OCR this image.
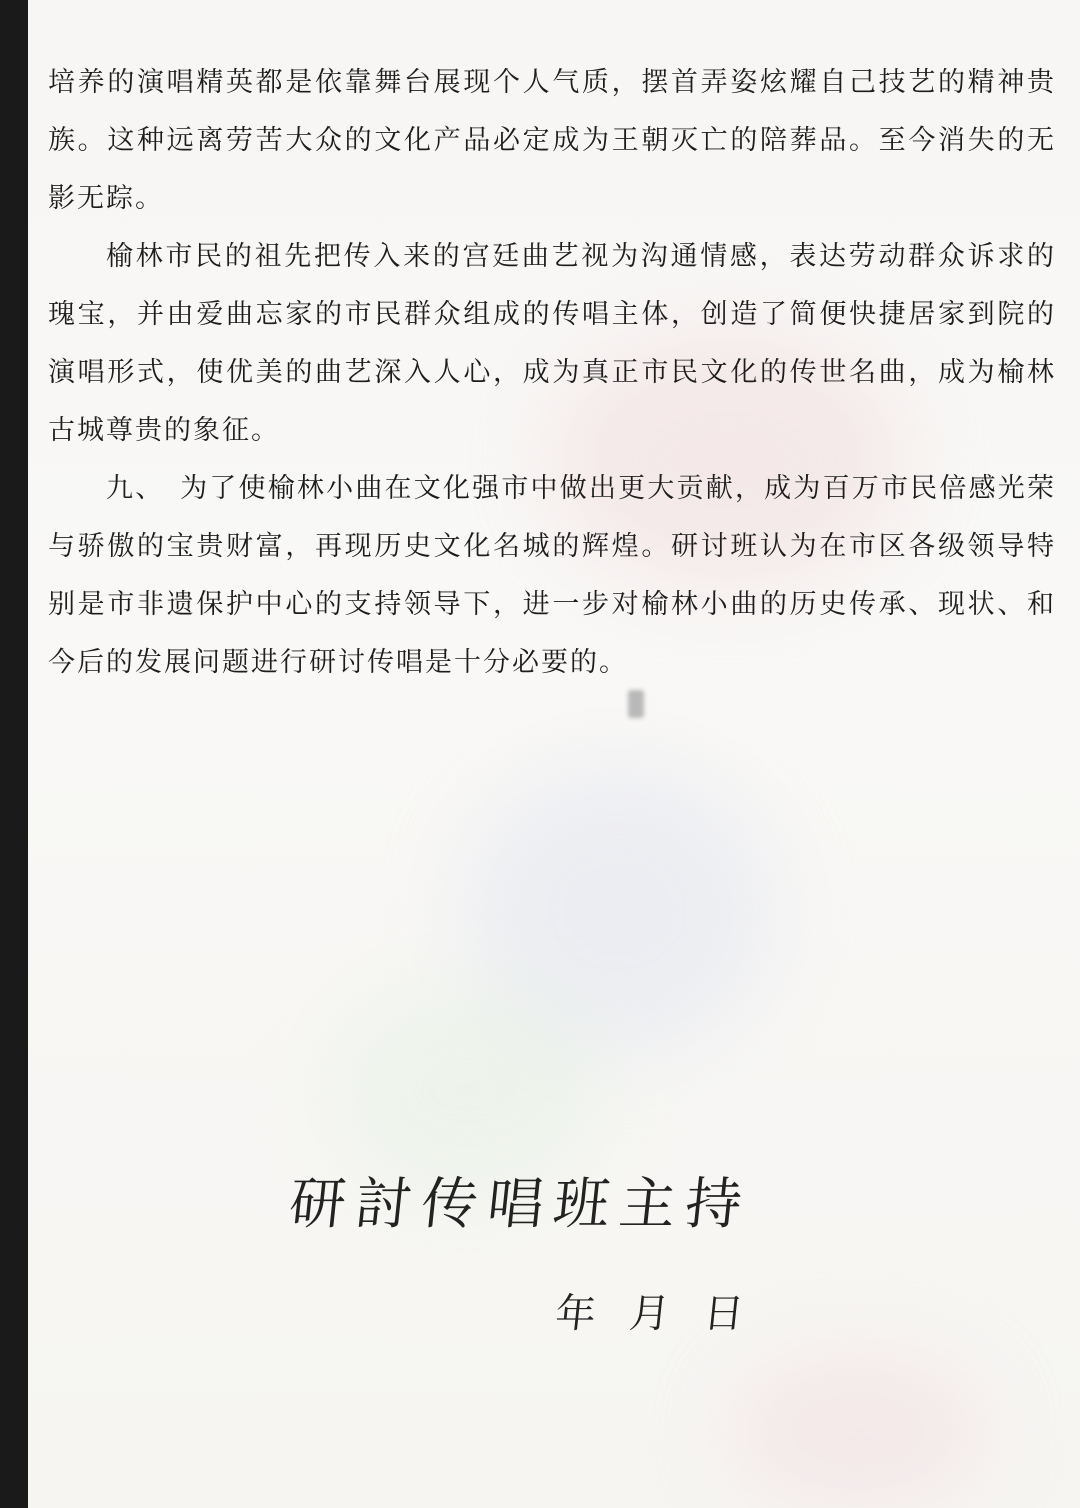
培养的演唱精英都是依靠舞台展现个人气质，摆首弄姿炫耀自己技艺的精神贵族。这种远离劳苦大众的文化产品必定成为王朝灭亡的陪葬品。至今消失的无影无踪。

榆林市民的祖先把传入来的宫廷曲艺视为沟通情感，表达劳动群众诉求的瑰宝，并由爱曲忘家的市民群众组成的传唱主体，创造了简便快捷居家到院的演唱形式，使优美的曲艺深入人心，成为真正市民文化的传世名曲，成为榆林古城尊贵的象征。

九、　为了使榆林小曲在文化强市中做出更大贡献，成为百万市民倍感光荣与骄傲的宝贵财富，再现历史文化名城的辉煌。研讨班认为在市区各级领导特别是市非遗保护中心的支持领导下，进一步对榆林小曲的历史传承、现状、和今后的发展问题进行研讨传唱是十分必要的。

研討传唱班主持
年月日
